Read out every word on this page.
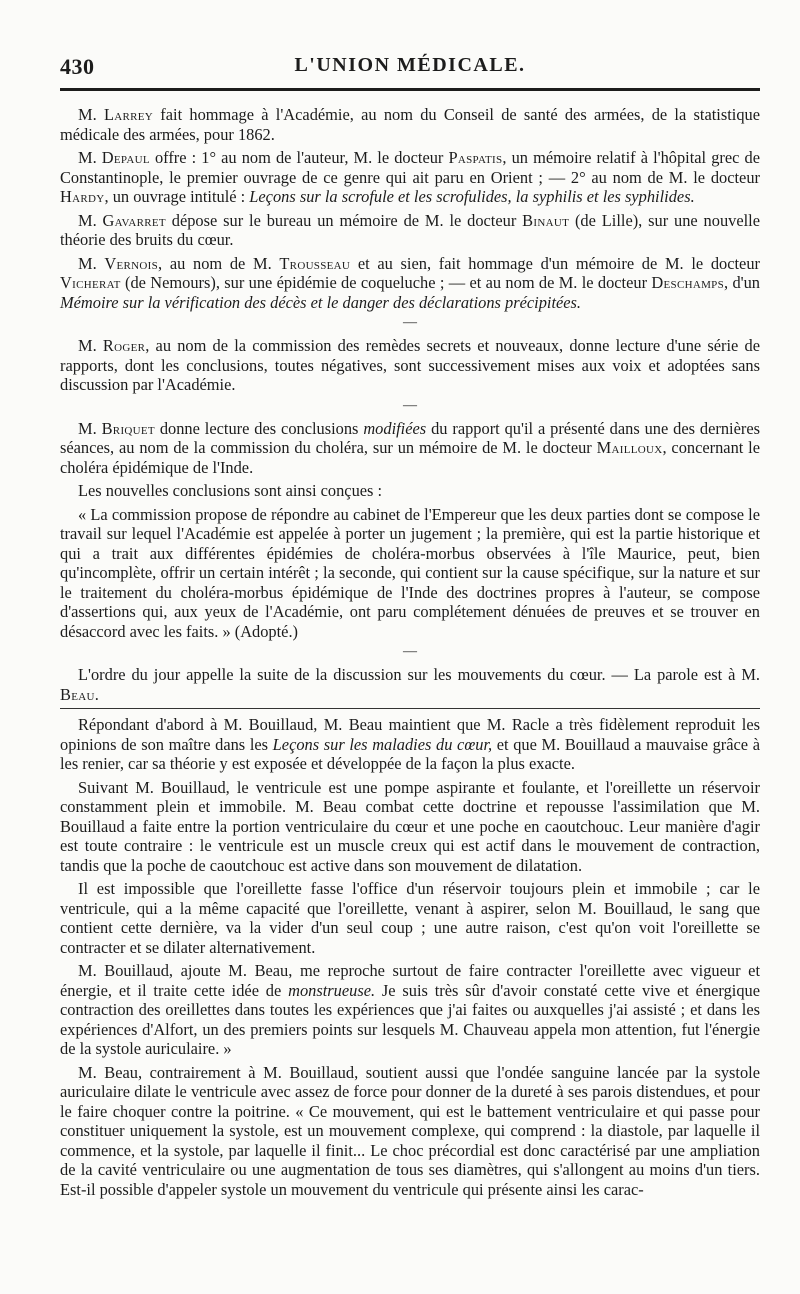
430	L'UNION MÉDICALE.

M. Larrey fait hommage à l'Académie, au nom du Conseil de santé des armées, de la statistique médicale des armées, pour 1862.

M. Depaul offre : 1° au nom de l'auteur, M. le docteur Paspatis, un mémoire relatif à l'hôpital grec de Constantinople, le premier ouvrage de ce genre qui ait paru en Orient ; — 2° au nom de M. le docteur Hardy, un ouvrage intitulé : Leçons sur la scrofule et les scrofulides, la syphilis et les syphilides.

M. Gavarret dépose sur le bureau un mémoire de M. le docteur Binaut (de Lille), sur une nouvelle théorie des bruits du cœur.

M. Vernois, au nom de M. Trousseau et au sien, fait hommage d'un mémoire de M. le docteur Vicherat (de Nemours), sur une épidémie de coqueluche ; — et au nom de M. le docteur Deschamps, d'un Mémoire sur la vérification des décès et le danger des déclarations précipitées.

—

M. Roger, au nom de la commission des remèdes secrets et nouveaux, donne lecture d'une série de rapports, dont les conclusions, toutes négatives, sont successivement mises aux voix et adoptées sans discussion par l'Académie.

—

M. Briquet donne lecture des conclusions modifiées du rapport qu'il a présenté dans une des dernières séances, au nom de la commission du choléra, sur un mémoire de M. le docteur Mailloux, concernant le choléra épidémique de l'Inde.

Les nouvelles conclusions sont ainsi conçues :

« La commission propose de répondre au cabinet de l'Empereur que les deux parties dont se compose le travail sur lequel l'Académie est appelée à porter un jugement ; la première, qui est la partie historique et qui a trait aux différentes épidémies de choléra-morbus observées à l'île Maurice, peut, bien qu'incomplète, offrir un certain intérêt ; la seconde, qui contient sur la cause spécifique, sur la nature et sur le traitement du choléra-morbus épidémique de l'Inde des doctrines propres à l'auteur, se compose d'assertions qui, aux yeux de l'Académie, ont paru complétement dénuées de preuves et se trouver en désaccord avec les faits. » (Adopté.)

—

L'ordre du jour appelle la suite de la discussion sur les mouvements du cœur. — La parole est à M. Beau.

Répondant d'abord à M. Bouillaud, M. Beau maintient que M. Racle a très fidèlement reproduit les opinions de son maître dans les Leçons sur les maladies du cœur, et que M. Bouillaud a mauvaise grâce à les renier, car sa théorie y est exposée et développée de la façon la plus exacte.

Suivant M. Bouillaud, le ventricule est une pompe aspirante et foulante, et l'oreillette un réservoir constamment plein et immobile. M. Beau combat cette doctrine et repousse l'assimilation que M. Bouillaud a faite entre la portion ventriculaire du cœur et une poche en caoutchouc. Leur manière d'agir est toute contraire : le ventricule est un muscle creux qui est actif dans le mouvement de contraction, tandis que la poche de caoutchouc est active dans son mouvement de dilatation.

Il est impossible que l'oreillette fasse l'office d'un réservoir toujours plein et immobile ; car le ventricule, qui a la même capacité que l'oreillette, venant à aspirer, selon M. Bouillaud, le sang que contient cette dernière, va la vider d'un seul coup ; une autre raison, c'est qu'on voit l'oreillette se contracter et se dilater alternativement.

M. Bouillaud, ajoute M. Beau, me reproche surtout de faire contracter l'oreillette avec vigueur et énergie, et il traite cette idée de monstrueuse. Je suis très sûr d'avoir constaté cette vive et énergique contraction des oreillettes dans toutes les expériences que j'ai faites ou auxquelles j'ai assisté ; et dans les expériences d'Alfort, un des premiers points sur lesquels M. Chauveau appela mon attention, fut l'énergie de la systole auriculaire. »

M. Beau, contrairement à M. Bouillaud, soutient aussi que l'ondée sanguine lancée par la systole auriculaire dilate le ventricule avec assez de force pour donner de la dureté à ses parois distendues, et pour le faire choquer contre la poitrine. « Ce mouvement, qui est le battement ventriculaire et qui passe pour constituer uniquement la systole, est un mouvement complexe, qui comprend : la diastole, par laquelle il commence, et la systole, par laquelle il finit... Le choc précordial est donc caractérisé par une ampliation de la cavité ventriculaire ou une augmentation de tous ses diamètres, qui s'allongent au moins d'un tiers. Est-il possible d'appeler systole un mouvement du ventricule qui présente ainsi les carac-
